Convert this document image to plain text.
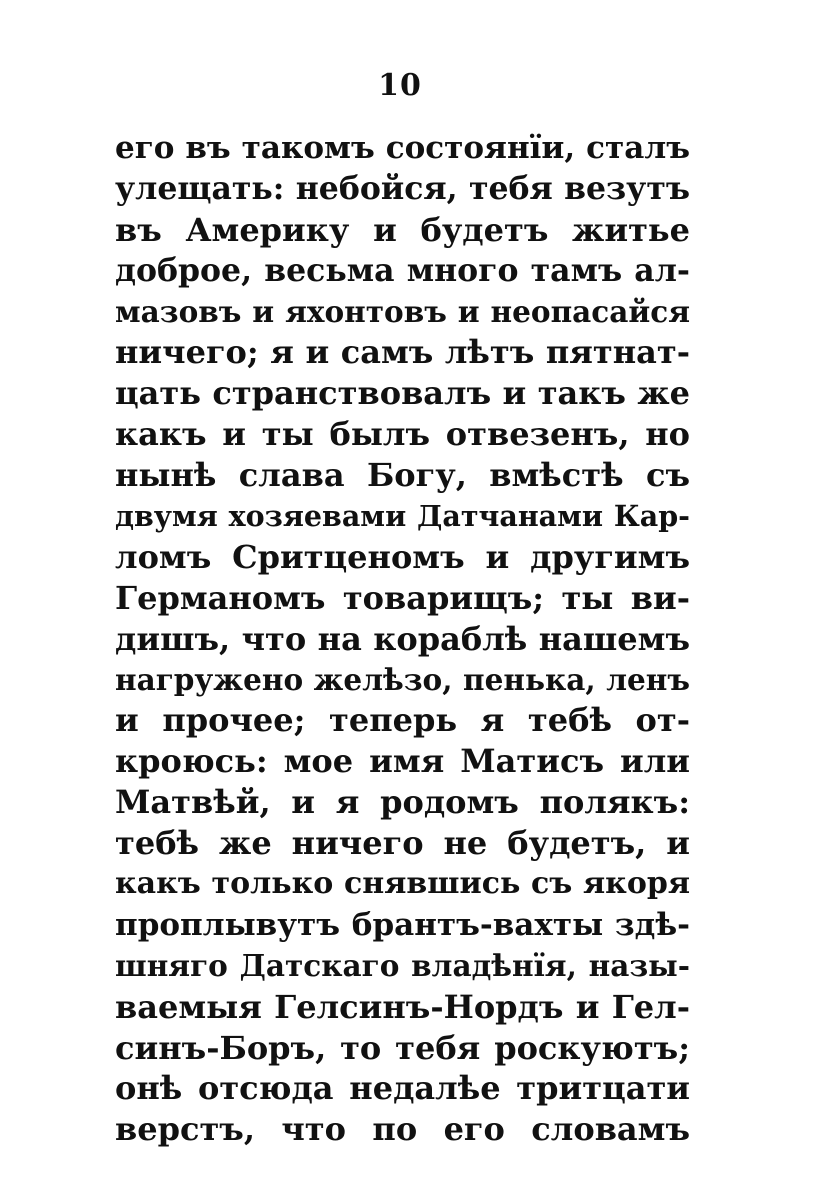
10
его въ такомъ состоянїи, сталъ
улещать: небойся, тебя везутъ
въ Америку и будетъ житье
доброе, весьма много тамъ ал-
мазовъ и яхонтовъ и неопасайся
ничего; я и самъ лѣтъ пятнат-
цать странствовалъ и такъ же
какъ и ты былъ отвезенъ, но
нынѣ слава Богу, вмѣстѣ съ
двумя хозяевами Датчанами Кар-
ломъ Сритценомъ и другимъ
Германомъ товарищъ; ты ви-
дишъ, что на кораблѣ нашемъ
нагружено желѣзо, пенька, ленъ
и прочее; теперь я тебѣ от-
кроюсь: мое имя Матисъ или
Матвѣй, и я родомъ полякъ:
тебѣ же ничего не будетъ, и
какъ только снявшись съ якоря
проплывутъ брантъ-вахты здѣ-
шняго Датскаго владѣнїя, назы-
ваемыя Гелсинъ-Нордъ и Гел-
синъ-Боръ, то тебя роскуютъ;
онѣ отсюда недалѣе тритцати
верстъ, что по его словамъ
